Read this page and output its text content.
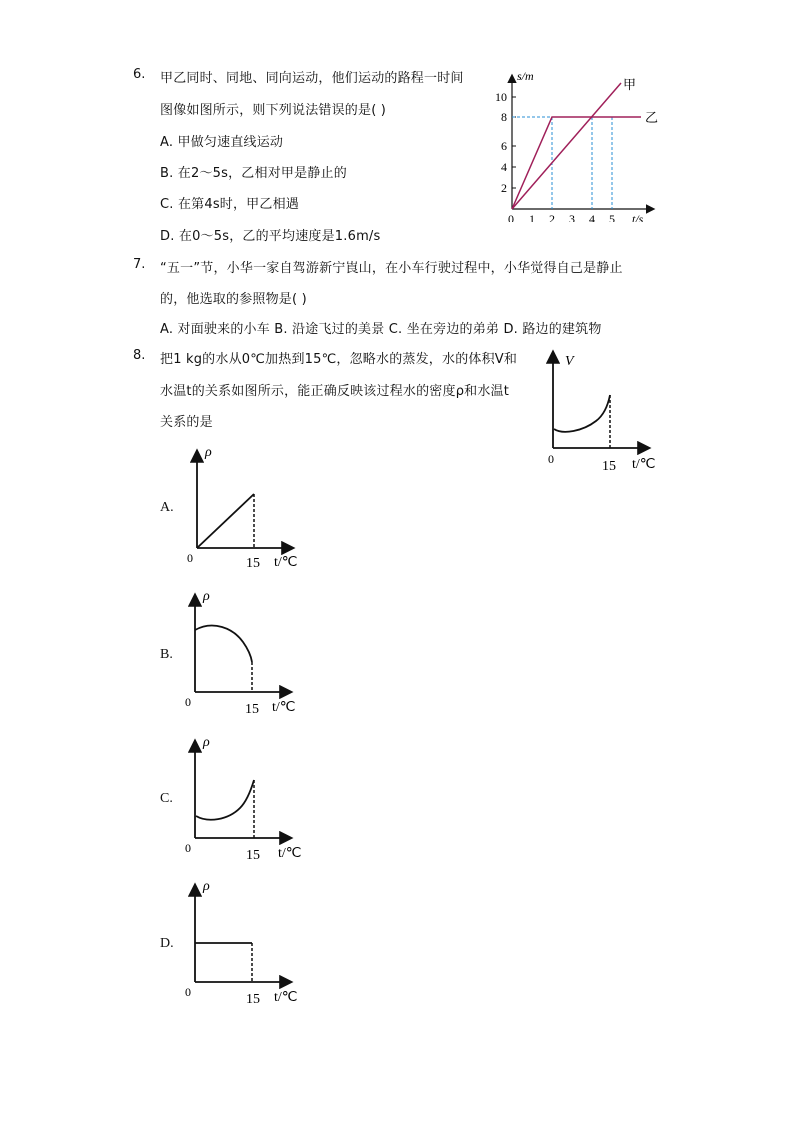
6. 甲乙同时、同地、同向运动，他们运动的路程一时间
图像如图所示，则下列说法错误的是( )
A. 甲做匀速直线运动
B. 在2～5s，乙相对甲是静止的
C. 在第4s时，甲乙相遇
D. 在0～5s，乙的平均速度是1.6m/s
2
4
6
8
10
s/m
0 1 2 3 4 5 t/s
甲
乙
7. “五一”节，小华一家自驾游新宁崀山，在小车行驶过程中，小华觉得自己是静止
的，他选取的参照物是( )
A. 对面驶来的小车 B. 沿途飞过的美景 C. 坐在旁边的弟弟 D. 路边的建筑物
8. 把1 kg的水从0℃加热到15℃，忽略水的蒸发，水的体积V和
水温t的关系如图所示，能正确反映该过程水的密度ρ和水温t
关系的是
V
0	15 t/℃
A.
ρ
0	15 t/℃
B.
ρ
0	15 t/℃
C.
ρ
0	15 t/℃
D.
ρ
0	15 t/℃
